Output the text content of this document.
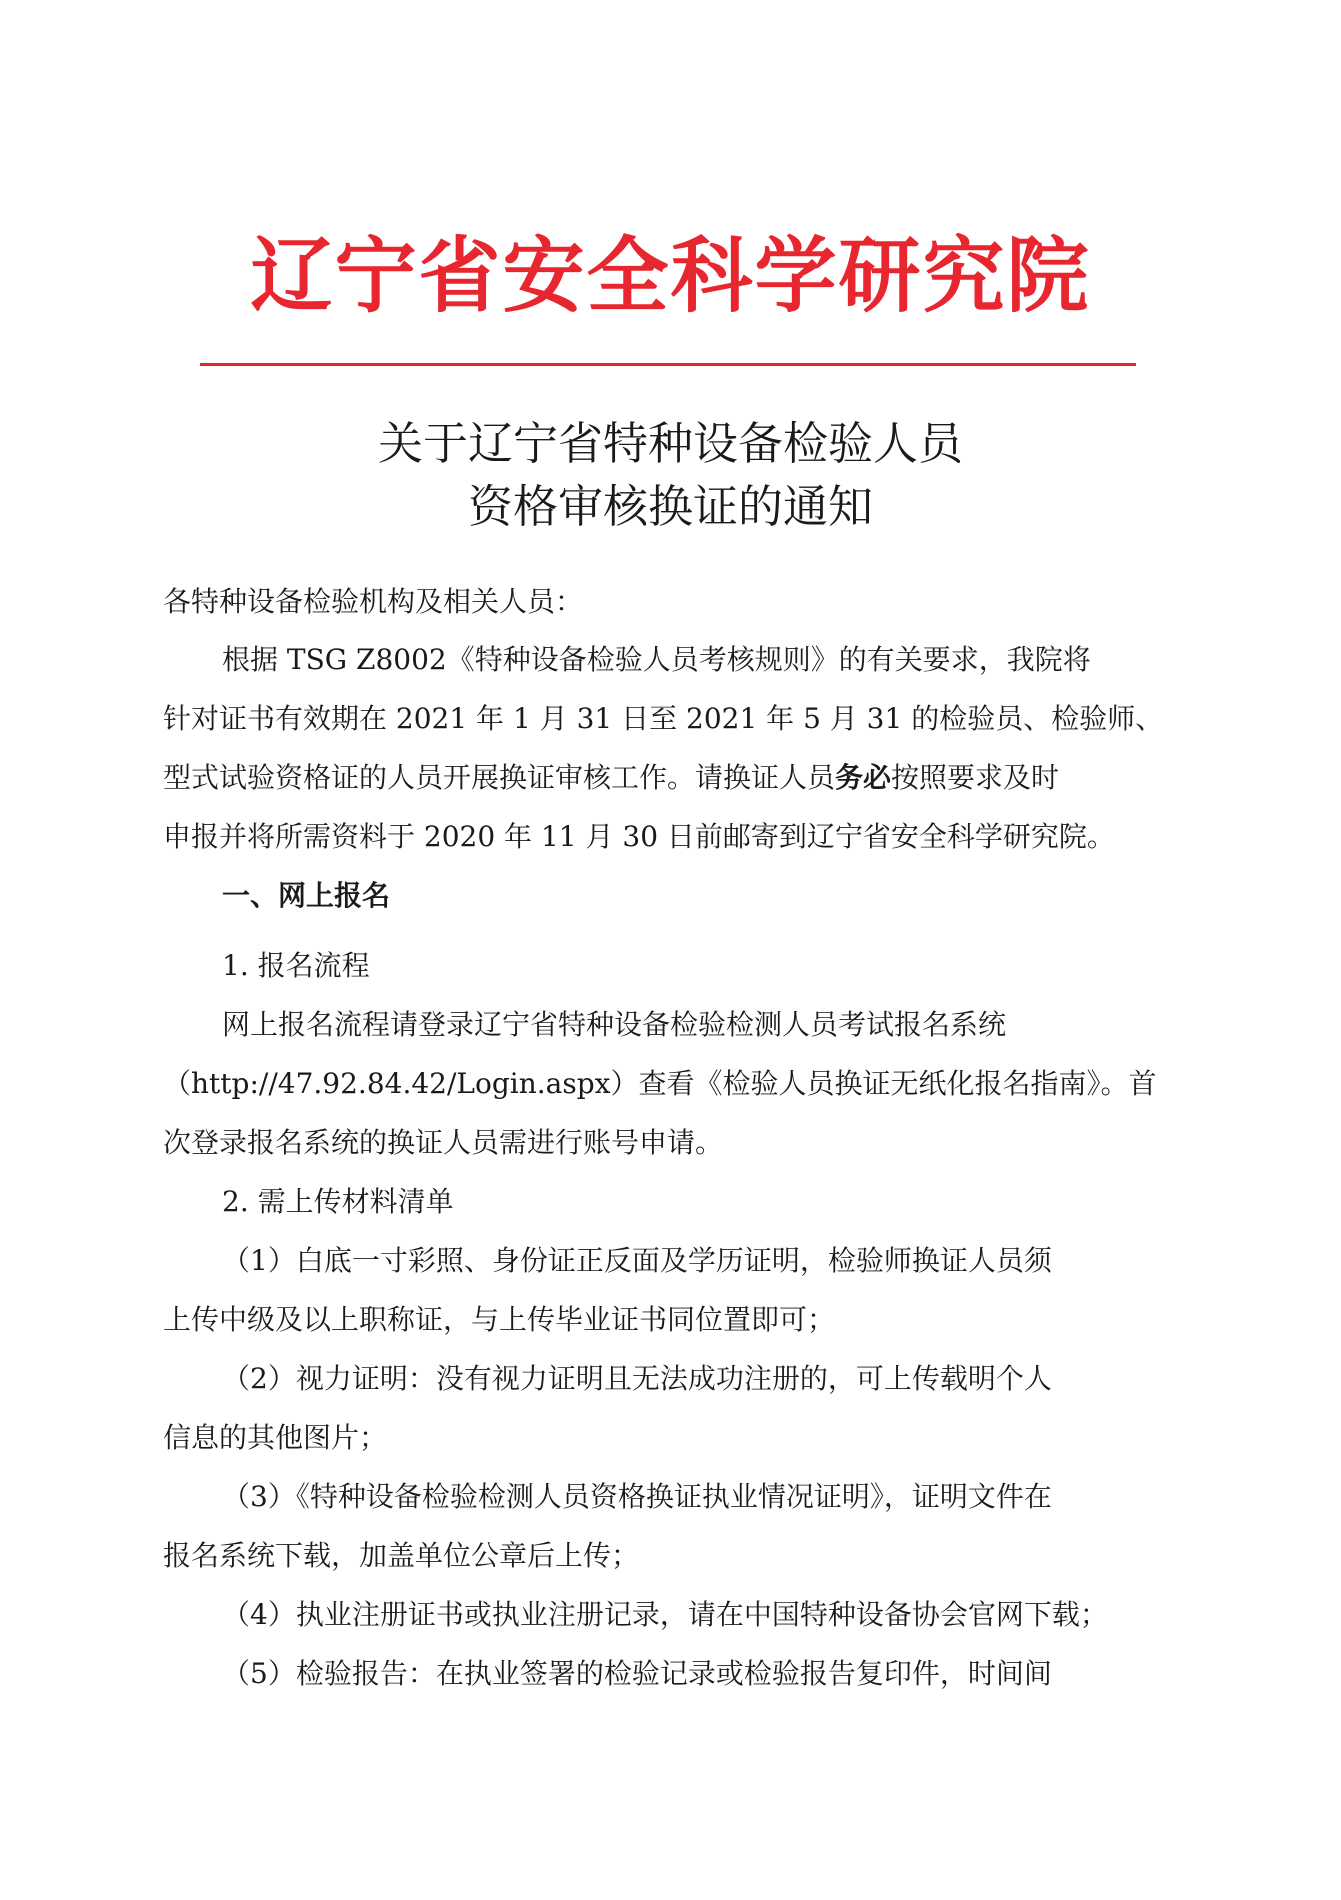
辽宁省安全科学研究院
关于辽宁省特种设备检验人员
资格审核换证的通知
各特种设备检验机构及相关人员：
根据 TSG Z8002《特种设备检验人员考核规则》的有关要求，我院将
针对证书有效期在 2021 年 1 月 31 日至 2021 年 5 月 31 的检验员、检验师、
型式试验资格证的人员开展换证审核工作。请换证人员务必按照要求及时
申报并将所需资料于 2020 年 11 月 30 日前邮寄到辽宁省安全科学研究院。
一、网上报名
1. 报名流程
网上报名流程请登录辽宁省特种设备检验检测人员考试报名系统
（http://47.92.84.42/Login.aspx）查看《检验人员换证无纸化报名指南》。首
次登录报名系统的换证人员需进行账号申请。
2. 需上传材料清单
（1）白底一寸彩照、身份证正反面及学历证明，检验师换证人员须
上传中级及以上职称证，与上传毕业证书同位置即可；
（2）视力证明：没有视力证明且无法成功注册的，可上传载明个人
信息的其他图片；
（3）《特种设备检验检测人员资格换证执业情况证明》，证明文件在
报名系统下载，加盖单位公章后上传；
（4）执业注册证书或执业注册记录，请在中国特种设备协会官网下载；
（5）检验报告：在执业签署的检验记录或检验报告复印件，时间间
